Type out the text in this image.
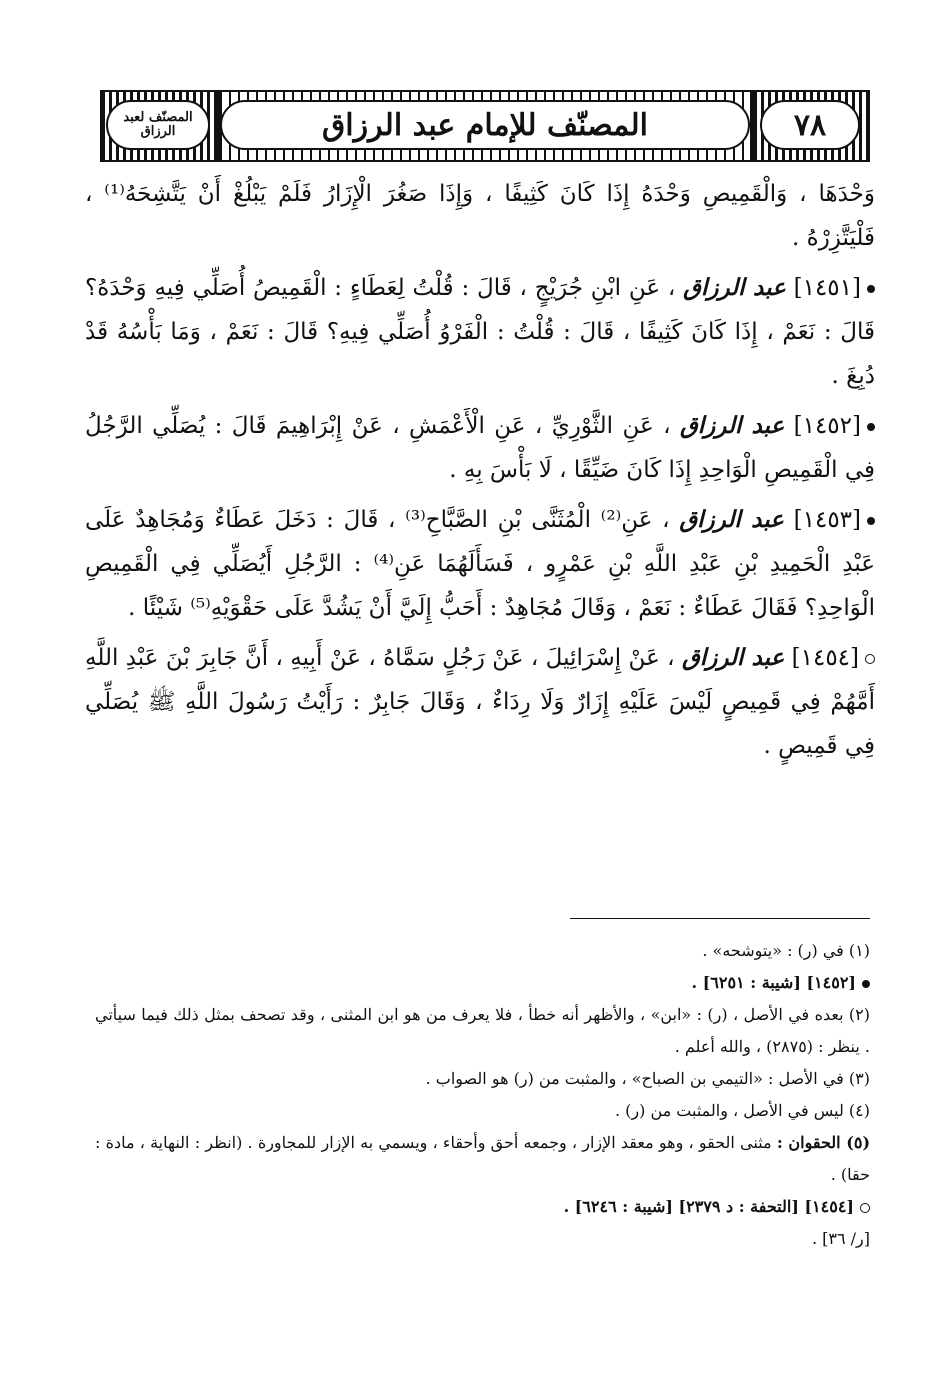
المصنّف لعبد الرزاق	المصنّف للإمام عبد الرزاق	٧٨

وَحْدَهَا ، وَالْقَمِيصِ وَحْدَهُ إِذَا كَانَ كَثِيفًا ، وَإِذَا صَغُرَ الْإِزَارُ فَلَمْ يَبْلُغْ أَنْ يَتَّشِحَهُ⁽¹⁾ ، فَلْيَتَّزِرْهُ .

[١٤٥١] عبد الرزاق ، عَنِ ابْنِ جُرَيْجٍ ، قَالَ : قُلْتُ لِعَطَاءٍ : الْقَمِيصُ أُصَلِّي فِيهِ وَحْدَهُ؟ قَالَ : نَعَمْ ، إِذَا كَانَ كَثِيفًا ، قَالَ : قُلْتُ : الْفَرْوُ أُصَلِّي فِيهِ؟ قَالَ : نَعَمْ ، وَمَا بَأْسُهُ قَدْ دُبِغَ .

[١٤٥٢] عبد الرزاق ، عَنِ الثَّوْرِيِّ ، عَنِ الْأَعْمَشِ ، عَنْ إِبْرَاهِيمَ قَالَ : يُصَلِّي الرَّجُلُ فِي الْقَمِيصِ الْوَاحِدِ إِذَا كَانَ ضَيِّقًا ، لَا بَأْسَ بِهِ .

[١٤٥٣] عبد الرزاق ، عَنِ⁽²⁾ الْمُثَنَّى بْنِ الصَّبَّاحِ⁽³⁾ ، قَالَ : دَخَلَ عَطَاءٌ وَمُجَاهِدٌ عَلَى عَبْدِ الْحَمِيدِ بْنِ عَبْدِ اللَّهِ بْنِ عَمْرٍو ، فَسَأَلَهُمَا عَنِ⁽⁴⁾ : الرَّجُلِ أَيُصَلِّي فِي الْقَمِيصِ الْوَاحِدِ؟ فَقَالَ عَطَاءٌ : نَعَمْ ، وَقَالَ مُجَاهِدٌ : أَحَبُّ إِلَيَّ أَنْ يَشُدَّ عَلَى حَقْوَيْهِ⁽⁵⁾ شَيْئًا .

[١٤٥٤] عبد الرزاق ، عَنْ إِسْرَائِيلَ ، عَنْ رَجُلٍ سَمَّاهُ ، عَنْ أَبِيهِ ، أَنَّ جَابِرَ بْنَ عَبْدِ اللَّهِ أَمَّهُمْ فِي قَمِيصٍ لَيْسَ عَلَيْهِ إِزَارٌ وَلَا رِدَاءٌ ، وَقَالَ جَابِرٌ : رَأَيْتُ رَسُولَ اللَّهِ ﷺ يُصَلِّي فِي قَمِيصٍ .

(١) في (ر) : «يتوشحه» .

[١٤٥٢] [شيبة : ٦٢٥١] .

(٢) بعده في الأصل ، (ر) : «ابن» ، والأظهر أنه خطأ ، فلا يعرف من هو ابن المثنى ، وقد تصحف بمثل ذلك فيما سيأتي . ينظر : (٢٨٧٥) ، والله أعلم .

(٣) في الأصل : «التيمي بن الصباح» ، والمثبت من (ر) هو الصواب .

(٤) ليس في الأصل ، والمثبت من (ر) .

(٥) الحقوان : مثنى الحقو ، وهو معقد الإزار ، وجمعه أحق وأحقاء ، ويسمي به الإزار للمجاورة . (انظر : النهاية ، مادة : حقا) .

[١٤٥٤] [التحفة : د ٢٣٧٩] [شيبة : ٦٢٤٦] .

[ر/ ٣٦] .
